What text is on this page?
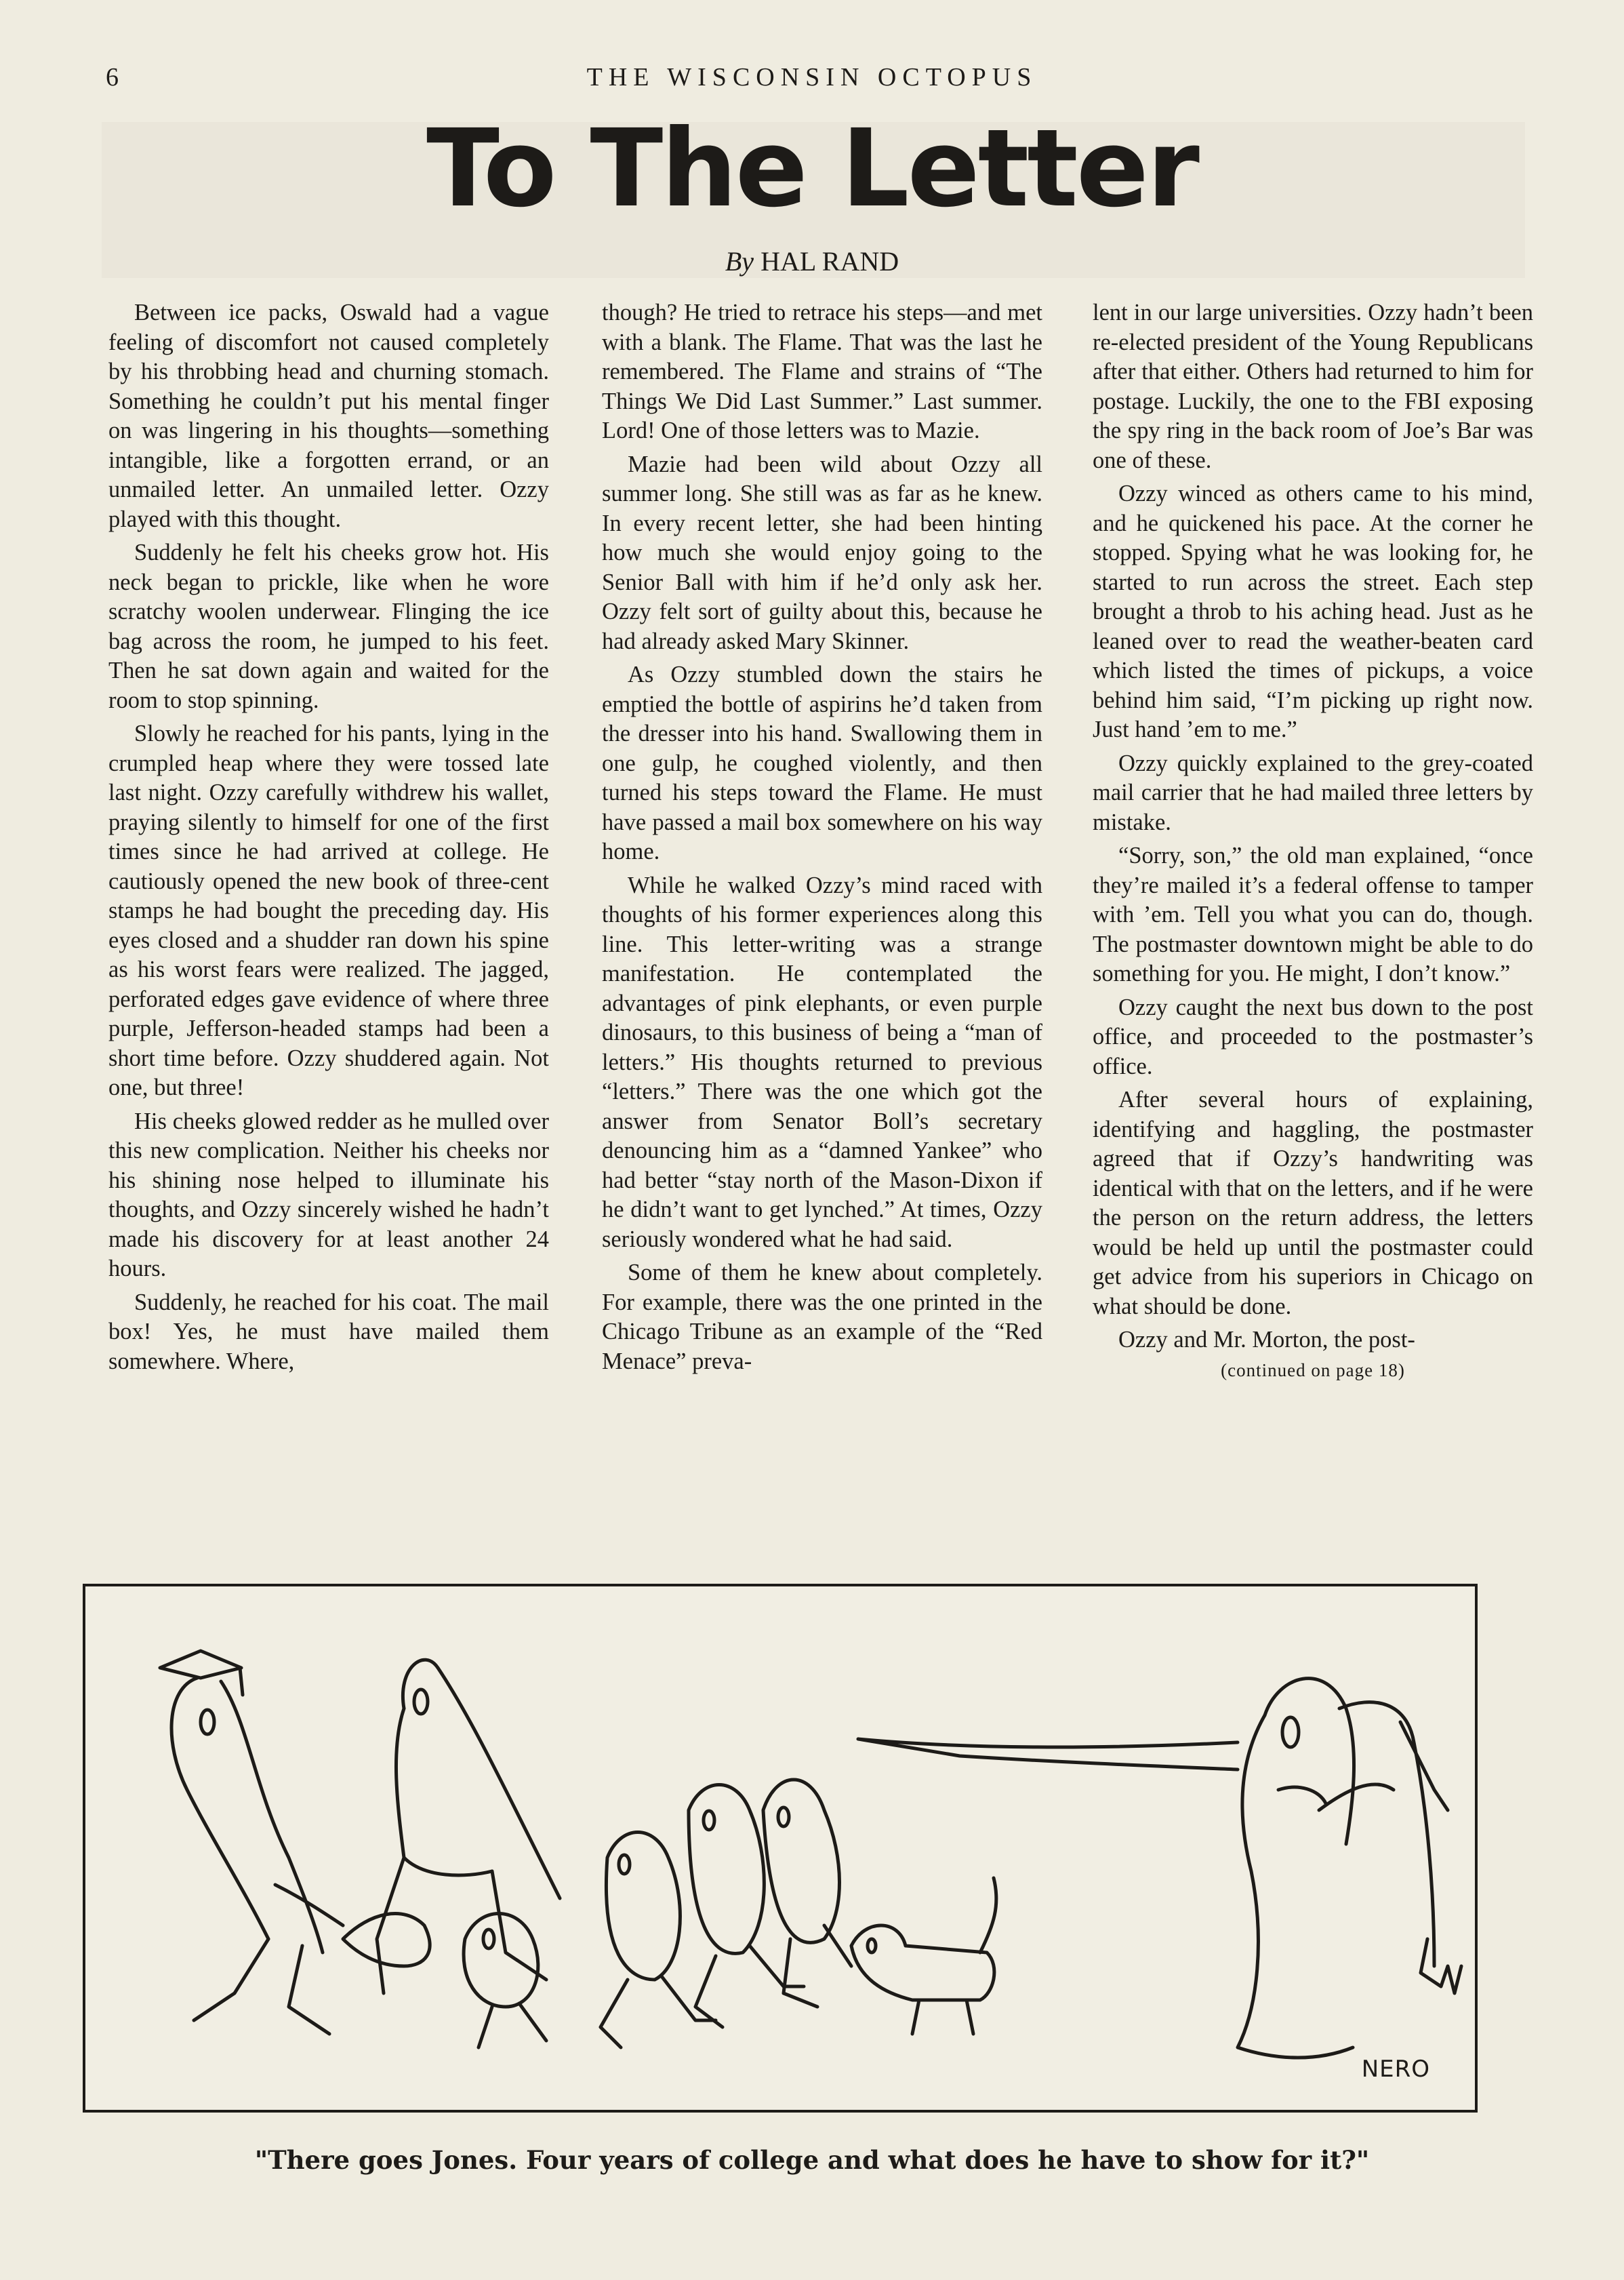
6	THE WISCONSIN OCTOPUS
To The Letter
By HAL RAND

Between ice packs, Oswald had a vague feeling of discomfort not caused completely by his throbbing head and churning stomach. Something he couldn’t put his mental finger on was lingering in his thoughts—something intangible, like a forgotten errand, or an unmailed letter. An unmailed letter. Ozzy played with this thought.

Suddenly he felt his cheeks grow hot. His neck began to prickle, like when he wore scratchy woolen underwear. Flinging the ice bag across the room, he jumped to his feet. Then he sat down again and waited for the room to stop spinning.

Slowly he reached for his pants, lying in the crumpled heap where they were tossed late last night. Ozzy carefully withdrew his wallet, praying silently to himself for one of the first times since he had arrived at college. He cautiously opened the new book of three-cent stamps he had bought the preceding day. His eyes closed and a shudder ran down his spine as his worst fears were realized. The jagged, perforated edges gave evidence of where three purple, Jefferson-headed stamps had been a short time before. Ozzy shuddered again. Not one, but three!

His cheeks glowed redder as he mulled over this new complication. Neither his cheeks nor his shining nose helped to illuminate his thoughts, and Ozzy sincerely wished he hadn’t made his discovery for at least another 24 hours.

Suddenly, he reached for his coat. The mail box! Yes, he must have mailed them somewhere. Where,

though? He tried to retrace his steps—and met with a blank. The Flame. That was the last he remembered. The Flame and strains of “The Things We Did Last Summer.” Last summer. Lord! One of those letters was to Mazie.

Mazie had been wild about Ozzy all summer long. She still was as far as he knew. In every recent letter, she had been hinting how much she would enjoy going to the Senior Ball with him if he’d only ask her. Ozzy felt sort of guilty about this, because he had already asked Mary Skinner.

As Ozzy stumbled down the stairs he emptied the bottle of aspirins he’d taken from the dresser into his hand. Swallowing them in one gulp, he coughed violently, and then turned his steps toward the Flame. He must have passed a mail box somewhere on his way home.

While he walked Ozzy’s mind raced with thoughts of his former experiences along this line. This letter-writing was a strange manifestation. He contemplated the advantages of pink elephants, or even purple dinosaurs, to this business of being a “man of letters.” His thoughts returned to previous “letters.” There was the one which got the answer from Senator Boll’s secretary denouncing him as a “damned Yankee” who had better “stay north of the Mason-Dixon if he didn’t want to get lynched.” At times, Ozzy seriously wondered what he had said.

Some of them he knew about completely. For example, there was the one printed in the Chicago Tribune as an example of the “Red Menace” preva-

lent in our large universities. Ozzy hadn’t been re-elected president of the Young Republicans after that either. Others had returned to him for postage. Luckily, the one to the FBI exposing the spy ring in the back room of Joe’s Bar was one of these.

Ozzy winced as others came to his mind, and he quickened his pace. At the corner he stopped. Spying what he was looking for, he started to run across the street. Each step brought a throb to his aching head. Just as he leaned over to read the weather-beaten card which listed the times of pickups, a voice behind him said, “I’m picking up right now. Just hand ’em to me.”

Ozzy quickly explained to the grey-coated mail carrier that he had mailed three letters by mistake.

“Sorry, son,” the old man explained, “once they’re mailed it’s a federal offense to tamper with ’em. Tell you what you can do, though. The postmaster downtown might be able to do something for you. He might, I don’t know.”

Ozzy caught the next bus down to the post office, and proceeded to the postmaster’s office.

After several hours of explaining, identifying and haggling, the postmaster agreed that if Ozzy’s handwriting was identical with that on the letters, and if he were the person on the return address, the letters would be held up until the postmaster could get advice from his superiors in Chicago on what should be done.

Ozzy and Mr. Morton, the post-

(continued on page 18)
NERO
"There goes Jones. Four years of college and what does he have to show for it?"
